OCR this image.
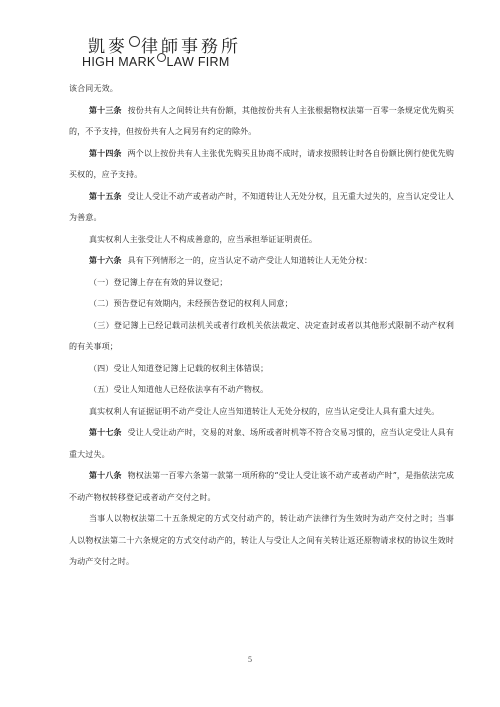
凱麥 律師事務所
HIGH MARK LAW FIRM

该合同无效。

第十三条 按份共有人之间转让共有份额，其他按份共有人主张根据物权法第一百零一条规定优先购买的，不予支持，但按份共有人之间另有约定的除外。

第十四条 两个以上按份共有人主张优先购买且协商不成时，请求按照转让时各自份额比例行使优先购买权的，应予支持。

第十五条 受让人受让不动产或者动产时，不知道转让人无处分权，且无重大过失的，应当认定受让人为善意。

真实权利人主张受让人不构成善意的，应当承担举证证明责任。

第十六条 具有下列情形之一的，应当认定不动产受让人知道转让人无处分权：

（一）登记簿上存在有效的异议登记；

（二）预告登记有效期内，未经预告登记的权利人同意；

（三）登记簿上已经记载司法机关或者行政机关依法裁定、决定查封或者以其他形式限制不动产权利的有关事项；

（四）受让人知道登记簿上记载的权利主体错误；

（五）受让人知道他人已经依法享有不动产物权。

真实权利人有证据证明不动产受让人应当知道转让人无处分权的，应当认定受让人具有重大过失。

第十七条 受让人受让动产时，交易的对象、场所或者时机等不符合交易习惯的，应当认定受让人具有重大过失。

第十八条 物权法第一百零六条第一款第一项所称的“受让人受让该不动产或者动产时”，是指依法完成不动产物权转移登记或者动产交付之时。

当事人以物权法第二十五条规定的方式交付动产的，转让动产法律行为生效时为动产交付之时；当事人以物权法第二十六条规定的方式交付动产的，转让人与受让人之间有关转让返还原物请求权的协议生效时为动产交付之时。

5
